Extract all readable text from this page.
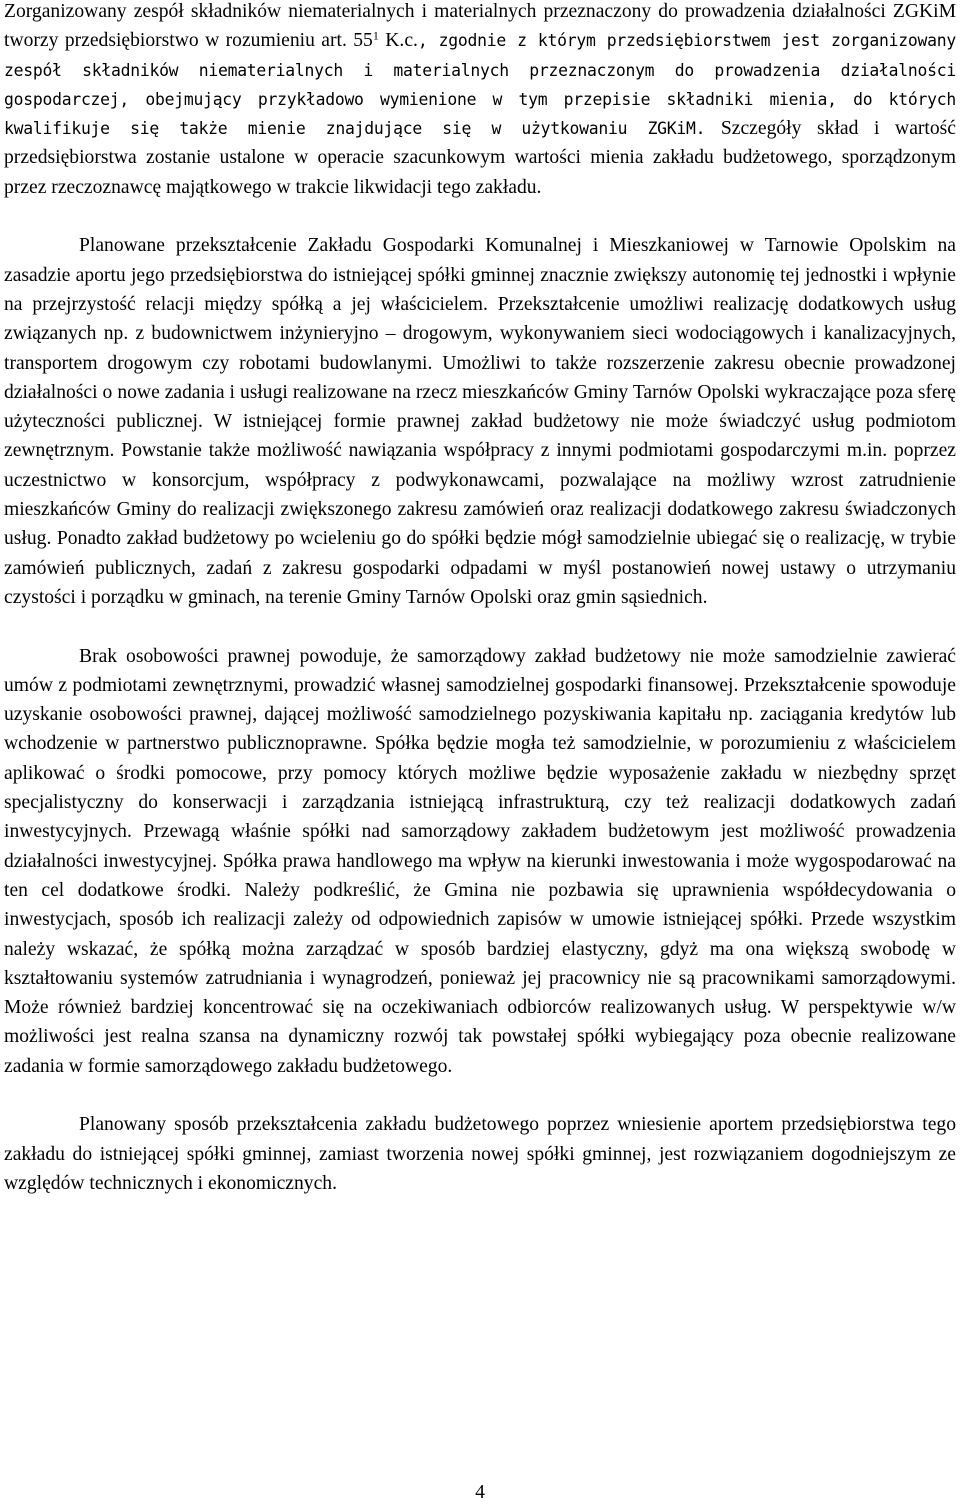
Zorganizowany zespół składników niematerialnych i materialnych przeznaczony do prowadzenia działalności ZGKiM tworzy przedsiębiorstwo w rozumieniu art. $55^1$ K.c., zgodnie z którym przedsiębiorstwem jest zorganizowany zespół składników niematerialnych i materialnych przeznaczonym do prowadzenia działalności gospodarczej, obejmujący przykładowo wymienione w tym przepisie składniki mienia, do których kwalifikuje się także mienie znajdujące się w użytkowaniu ZGKiM. Szczegóły skład i wartość przedsiębiorstwa zostanie ustalone w operacie szacunkowym wartości mienia zakładu budżetowego, sporządzonym przez rzeczoznawcę majątkowego w trakcie likwidacji tego zakładu.

Planowane przekształcenie Zakładu Gospodarki Komunalnej i Mieszkaniowej w Tarnowie Opolskim na zasadzie aportu jego przedsiębiorstwa do istniejącej spółki gminnej znacznie zwiększy autonomię tej jednostki i wpłynie na przejrzystość relacji między spółką a jej właścicielem. Przekształcenie umożliwi realizację dodatkowych usług związanych np. z budownictwem inżynieryjno – drogowym, wykonywaniem sieci wodociągowych i kanalizacyjnych, transportem drogowym czy robotami budowlanymi. Umożliwi to także rozszerzenie zakresu obecnie prowadzonej działalności o nowe zadania i usługi realizowane na rzecz mieszkańców Gminy Tarnów Opolski wykraczające poza sferę użyteczności publicznej. W istniejącej formie prawnej zakład budżetowy nie może świadczyć usług podmiotom zewnętrznym. Powstanie także możliwość nawiązania współpracy z innymi podmiotami gospodarczymi m.in. poprzez uczestnictwo w konsorcjum, współpracy z podwykonawcami, pozwalające na możliwy wzrost zatrudnienie mieszkańców Gminy do realizacji zwiększonego zakresu zamówień oraz realizacji dodatkowego zakresu świadczonych usług. Ponadto zakład budżetowy po wcieleniu go do spółki będzie mógł samodzielnie ubiegać się o realizację, w trybie zamówień publicznych, zadań z zakresu gospodarki odpadami w myśl postanowień nowej ustawy o utrzymaniu czystości i porządku w gminach, na terenie Gminy Tarnów Opolski oraz gmin sąsiednich.

Brak osobowości prawnej powoduje, że samorządowy zakład budżetowy nie może samodzielnie zawierać umów z podmiotami zewnętrznymi, prowadzić własnej samodzielnej gospodarki finansowej. Przekształcenie spowoduje uzyskanie osobowości prawnej, dającej możliwość samodzielnego pozyskiwania kapitału np. zaciągania kredytów lub wchodzenie w partnerstwo publicznoprawne. Spółka będzie mogła też samodzielnie, w porozumieniu z właścicielem aplikować o środki pomocowe, przy pomocy których możliwe będzie wyposażenie zakładu w niezbędny sprzęt specjalistyczny do konserwacji i zarządzania istniejącą infrastrukturą, czy też realizacji dodatkowych zadań inwestycyjnych. Przewagą właśnie spółki nad samorządowy zakładem budżetowym jest możliwość prowadzenia działalności inwestycyjnej. Spółka prawa handlowego ma wpływ na kierunki inwestowania i może wygospodarować na ten cel dodatkowe środki. Należy podkreślić, że Gmina nie pozbawia się uprawnienia współdecydowania o inwestycjach, sposób ich realizacji zależy od odpowiednich zapisów w umowie istniejącej spółki. Przede wszystkim należy wskazać, że spółką można zarządzać w sposób bardziej elastyczny, gdyż ma ona większą swobodę w kształtowaniu systemów zatrudniania i wynagrodzeń, ponieważ jej pracownicy nie są pracownikami samorządowymi. Może również bardziej koncentrować się na oczekiwaniach odbiorców realizowanych usług. W perspektywie w/w możliwości jest realna szansa na dynamiczny rozwój tak powstałej spółki wybiegający poza obecnie realizowane zadania w formie samorządowego zakładu budżetowego.

Planowany sposób przekształcenia zakładu budżetowego poprzez wniesienie aportem przedsiębiorstwa tego zakładu do istniejącej spółki gminnej, zamiast tworzenia nowej spółki gminnej, jest rozwiązaniem dogodniejszym ze względów technicznych i ekonomicznych.

4
